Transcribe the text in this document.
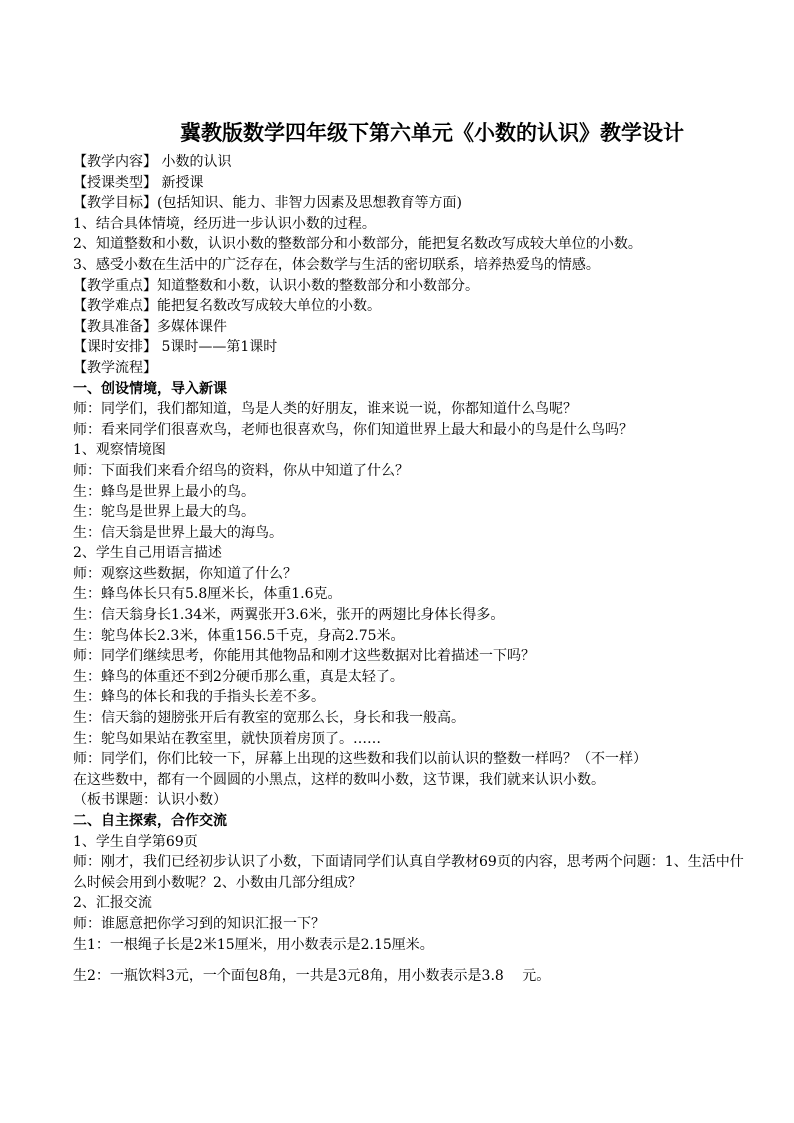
冀教版数学四年级下第六单元《小数的认识》教学设计
【教学内容】 小数的认识
【授课类型】 新授课
【教学目标】(包括知识、能力、非智力因素及思想教育等方面)
1、结合具体情境，经历进一步认识小数的过程。
2、知道整数和小数，认识小数的整数部分和小数部分，能把复名数改写成较大单位的小数。
3、感受小数在生活中的广泛存在，体会数学与生活的密切联系，培养热爱鸟的情感。
【教学重点】知道整数和小数，认识小数的整数部分和小数部分。
【教学难点】能把复名数改写成较大单位的小数。
【教具准备】多媒体课件
【课时安排】 5课时——第1课时
【教学流程】
一、创设情境，导入新课
师：同学们，我们都知道，鸟是人类的好朋友，谁来说一说，你都知道什么鸟呢？
师：看来同学们很喜欢鸟，老师也很喜欢鸟，你们知道世界上最大和最小的鸟是什么鸟吗？
1、观察情境图
师：下面我们来看介绍鸟的资料，你从中知道了什么？
生：蜂鸟是世界上最小的鸟。
生：鸵鸟是世界上最大的鸟。
生：信天翁是世界上最大的海鸟。
2、学生自己用语言描述
师：观察这些数据，你知道了什么？
生：蜂鸟体长只有5.8厘米长，体重1.6克。
生：信天翁身长1.34米，两翼张开3.6米，张开的两翅比身体长得多。
生：鸵鸟体长2.3米，体重156.5千克，身高2.75米。
师：同学们继续思考，你能用其他物品和刚才这些数据对比着描述一下吗？
生：蜂鸟的体重还不到2分硬币那么重，真是太轻了。
生：蜂鸟的体长和我的手指头长差不多。
生：信天翁的翅膀张开后有教室的宽那么长，身长和我一般高。
生：鸵鸟如果站在教室里，就快顶着房顶了。……
师：同学们，你们比较一下，屏幕上出现的这些数和我们以前认识的整数一样吗？（不一样）
在这些数中，都有一个圆圆的小黑点，这样的数叫小数，这节课，我们就来认识小数。
（板书课题：认识小数）
二、自主探索，合作交流
1、学生自学第69页
师：刚才，我们已经初步认识了小数，下面请同学们认真自学教材69页的内容，思考两个问题：1、生活中什么时候会用到小数呢？2、小数由几部分组成？
2、汇报交流
师：谁愿意把你学习到的知识汇报一下？
生1：一根绳子长是2米15厘米，用小数表示是2.15厘米。
生2：一瓶饮料3元，一个面包8角，一共是3元8角，用小数表示是3.8　 元。
